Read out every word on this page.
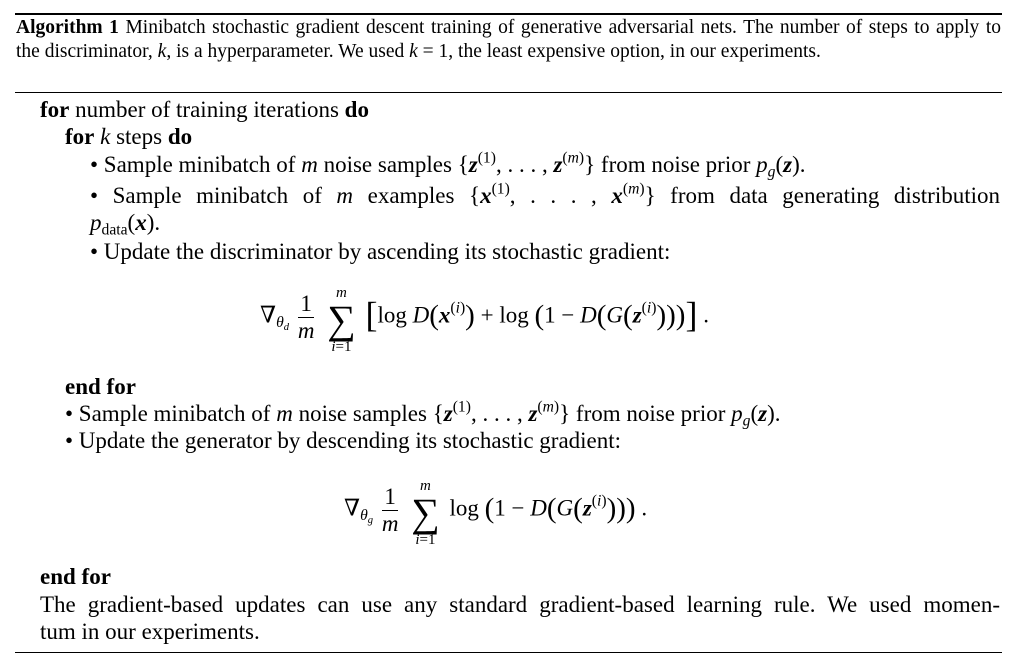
Algorithm 1 Minibatch stochastic gradient descent training of generative adversarial nets. The number of steps to apply to the discriminator, k, is a hyperparameter. We used k = 1, the least expensive option, in our experiments.
for number of training iterations do
for k steps do
• Sample minibatch of m noise samples {$z^{(1)}$, . . . , $z^{(m)}$} from noise prior $p_g(z)$.
• Sample minibatch of m examples {$x^{(1)}$, . . . , $x^{(m)}$} from data generating distribution
$p_{data}(x)$.
• Update the discriminator by ascending its stochastic gradient:
$\nabla_{\theta_d} \frac{1}{m}$
	m
∑
i=1
[log $D(x^{(i)}) + \log (1 - D(G(z^{(i)})))$] .
end for
• Sample minibatch of m noise samples {$z^{(1)}$, . . . , $z^{(m)}$} from noise prior $p_g(z)$.
• Update the generator by descending its stochastic gradient:
$\nabla_{\theta_g} \frac{1}{m}$
	m
∑
i=1
$\log (1 - D(G(z^{(i)})))$ .
end for
The gradient-based updates can use any standard gradient-based learning rule. We used momen-
tum in our experiments.
